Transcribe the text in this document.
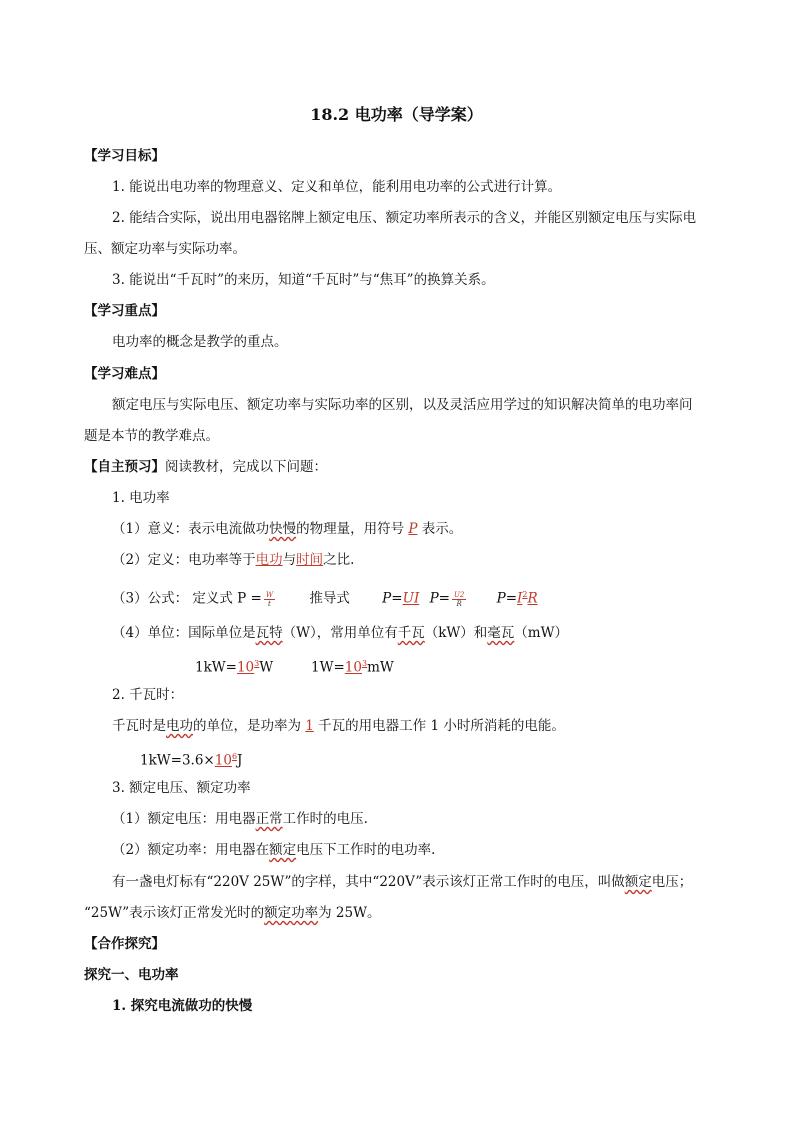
18.2 电功率（导学案）
【学习目标】
1. 能说出电功率的物理意义、定义和单位，能利用电功率的公式进行计算。
2. 能结合实际，说出用电器铭牌上额定电压、额定功率所表示的含义，并能区别额定电压与实际电
压、额定功率与实际功率。
3. 能说出“千瓦时”的来历，知道“千瓦时”与“焦耳”的换算关系。
【学习重点】
电功率的概念是教学的重点。
【学习难点】
额定电压与实际电压、额定功率与实际功率的区别，以及灵活应用学过的知识解决简单的电功率问
题是本节的教学难点。
【自主预习】阅读教材，完成以下问题：
1. 电功率
（1）意义：表示电流做功快慢的物理量，用符号 P 表示。
（2）定义：电功率等于电功与时间之比.
（3）公式： 定义式 $P = \frac{W}{t}$	推导式 P=UI $P= \frac{U2}{R} P=I^2R$
（4）单位：国际单位是瓦特（W），常用单位有千瓦（kW）和毫瓦（mW）
$1kW=10^3W$	$1W=10^3mW$
2. 千瓦时：
千瓦时是电功的单位，是功率为 1 千瓦的用电器工作 1 小时所消耗的电能。
$1kW=3.6\times 10^6J$
3. 额定电压、额定功率
（1）额定电压：用电器正常工作时的电压.
（2）额定功率：用电器在额定电压下工作时的电功率.
有一盏电灯标有“220V 25W”的字样，其中“220V”表示该灯正常工作时的电压，叫做额定电压；
“25W”表示该灯正常发光时的额定功率为 25W。
【合作探究】
探究一、电功率
1. 探究电流做功的快慢
